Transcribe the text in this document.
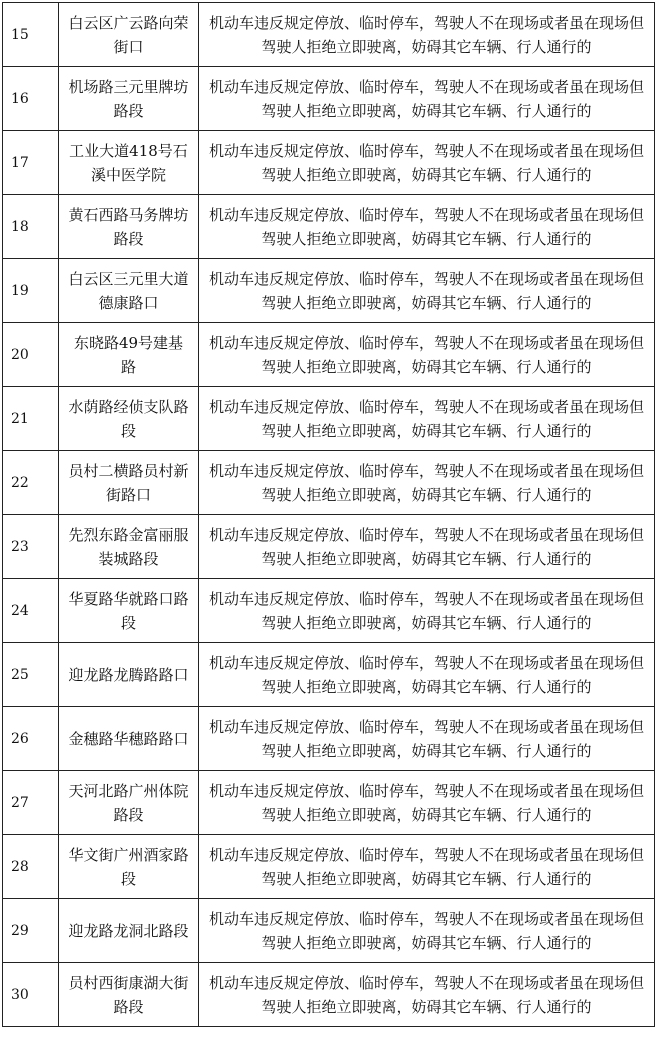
15	白云区广云路向荣街口	机动车违反规定停放、临时停车，驾驶人不在现场或者虽在现场但驾驶人拒绝立即驶离，妨碍其它车辆、行人通行的

16	机场路三元里牌坊路段	机动车违反规定停放、临时停车，驾驶人不在现场或者虽在现场但驾驶人拒绝立即驶离，妨碍其它车辆、行人通行的

17	工业大道418号石溪中医学院	机动车违反规定停放、临时停车，驾驶人不在现场或者虽在现场但驾驶人拒绝立即驶离，妨碍其它车辆、行人通行的

18	黄石西路马务牌坊路段	机动车违反规定停放、临时停车，驾驶人不在现场或者虽在现场但驾驶人拒绝立即驶离，妨碍其它车辆、行人通行的

19	白云区三元里大道德康路口	机动车违反规定停放、临时停车，驾驶人不在现场或者虽在现场但驾驶人拒绝立即驶离，妨碍其它车辆、行人通行的

20	东晓路49号建基路	机动车违反规定停放、临时停车，驾驶人不在现场或者虽在现场但驾驶人拒绝立即驶离，妨碍其它车辆、行人通行的

21	水荫路经侦支队路段	机动车违反规定停放、临时停车，驾驶人不在现场或者虽在现场但驾驶人拒绝立即驶离，妨碍其它车辆、行人通行的

22	员村二横路员村新街路口	机动车违反规定停放、临时停车，驾驶人不在现场或者虽在现场但驾驶人拒绝立即驶离，妨碍其它车辆、行人通行的

23	先烈东路金富丽服装城路段	机动车违反规定停放、临时停车，驾驶人不在现场或者虽在现场但驾驶人拒绝立即驶离，妨碍其它车辆、行人通行的

24	华夏路华就路口路段	机动车违反规定停放、临时停车，驾驶人不在现场或者虽在现场但驾驶人拒绝立即驶离，妨碍其它车辆、行人通行的

25	迎龙路龙腾路路口	机动车违反规定停放、临时停车，驾驶人不在现场或者虽在现场但驾驶人拒绝立即驶离，妨碍其它车辆、行人通行的

26	金穗路华穗路路口	机动车违反规定停放、临时停车，驾驶人不在现场或者虽在现场但驾驶人拒绝立即驶离，妨碍其它车辆、行人通行的

27	天河北路广州体院路段	机动车违反规定停放、临时停车，驾驶人不在现场或者虽在现场但驾驶人拒绝立即驶离，妨碍其它车辆、行人通行的

28	华文街广州酒家路段	机动车违反规定停放、临时停车，驾驶人不在现场或者虽在现场但驾驶人拒绝立即驶离，妨碍其它车辆、行人通行的

29	迎龙路龙洞北路段	机动车违反规定停放、临时停车，驾驶人不在现场或者虽在现场但驾驶人拒绝立即驶离，妨碍其它车辆、行人通行的

30	员村西街康湖大街路段	机动车违反规定停放、临时停车，驾驶人不在现场或者虽在现场但驾驶人拒绝立即驶离，妨碍其它车辆、行人通行的
